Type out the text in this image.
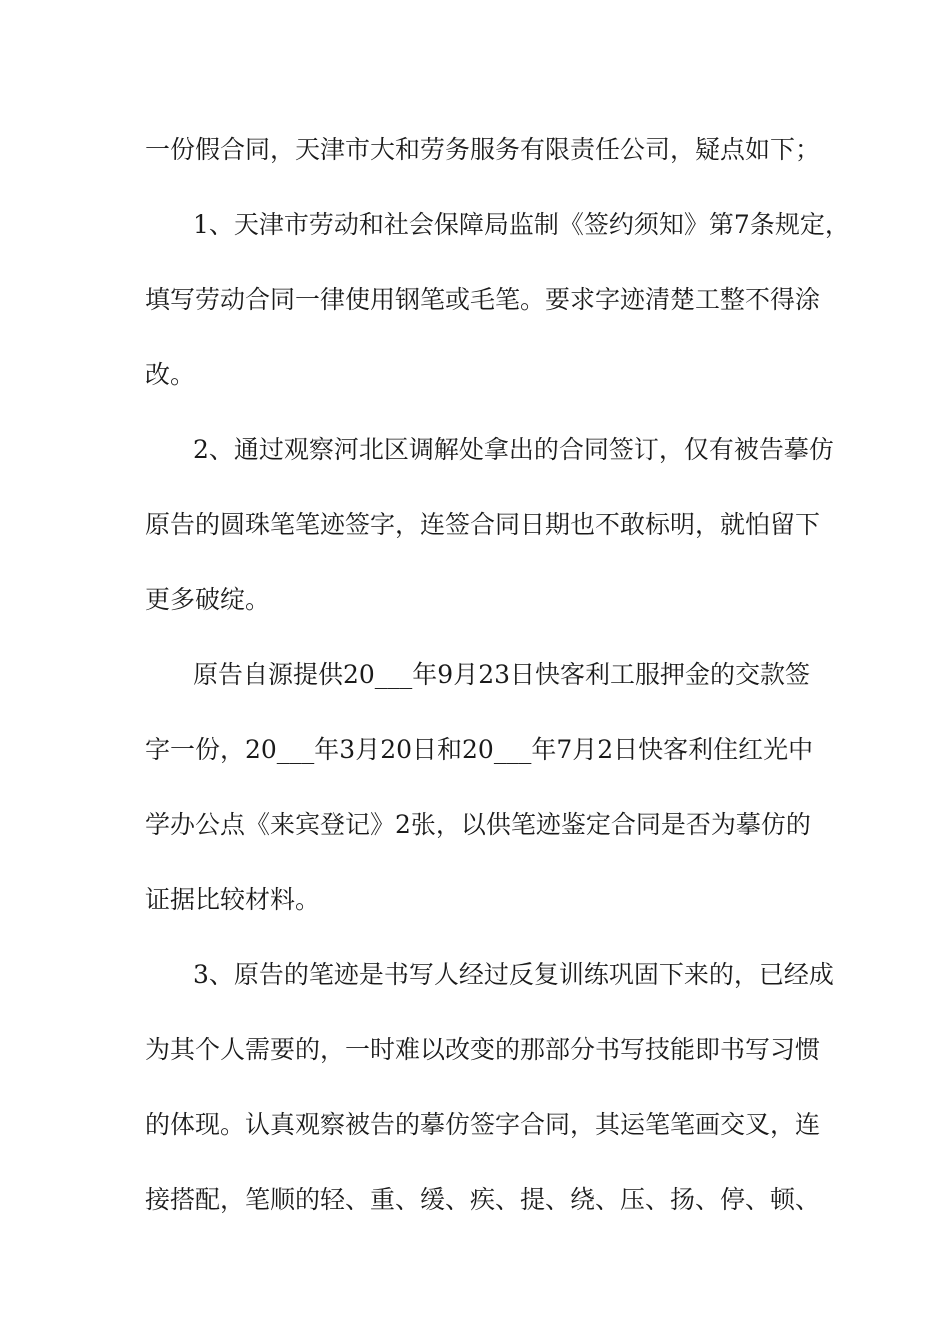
一份假合同，天津市大和劳务服务有限责任公司，疑点如下；

1、天津市劳动和社会保障局监制《签约须知》第7条规定，

填写劳动合同一律使用钢笔或毛笔。要求字迹清楚工整不得涂

改。

2、通过观察河北区调解处拿出的合同签订，仅有被告摹仿

原告的圆珠笔笔迹签字，连签合同日期也不敢标明，就怕留下

更多破绽。

原告自源提供20___年9月23日快客利工服押金的交款签

字一份，20___年3月20日和20___年7月2日快客利住红光中

学办公点《来宾登记》2张，以供笔迹鉴定合同是否为摹仿的

证据比较材料。

3、原告的笔迹是书写人经过反复训练巩固下来的，已经成

为其个人需要的，一时难以改变的那部分书写技能即书写习惯

的体现。认真观察被告的摹仿签字合同，其运笔笔画交叉，连

接搭配，笔顺的轻、重、缓、疾、提、绕、压、扬、停、顿、
